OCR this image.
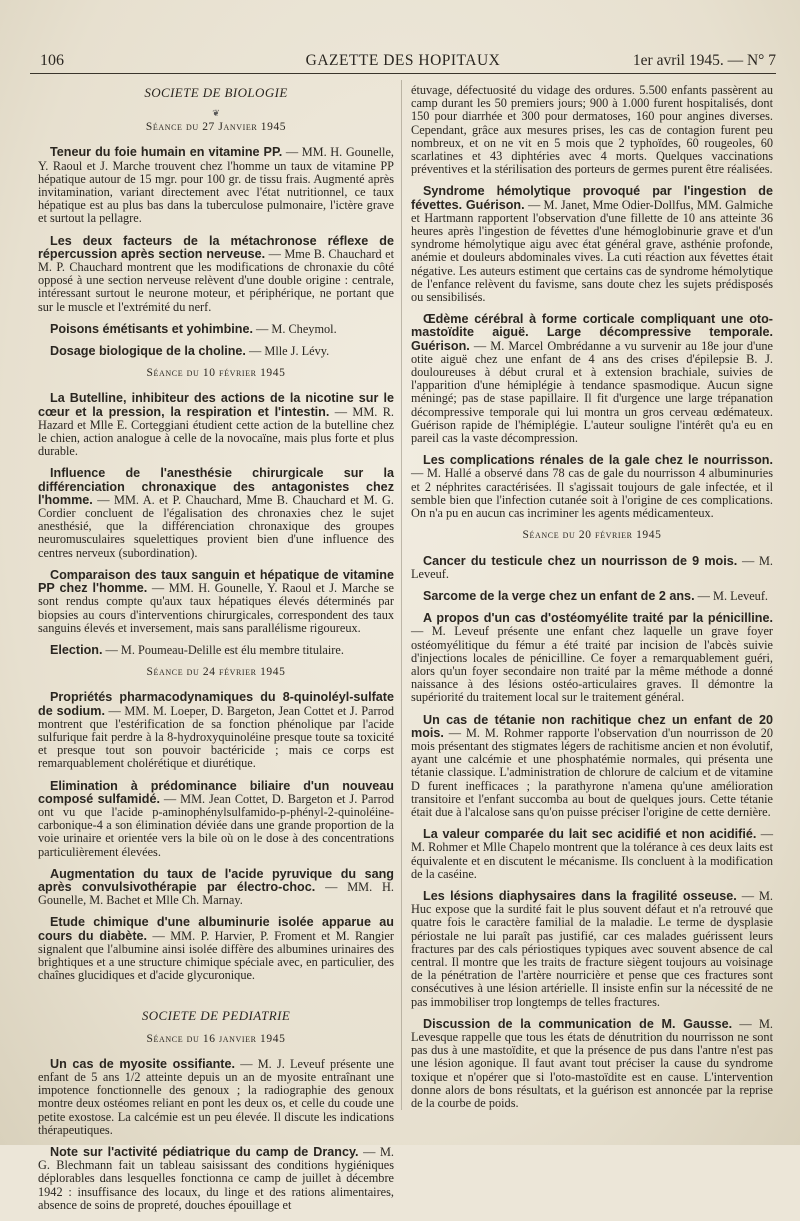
106	GAZETTE DES HOPITAUX	1er avril 1945. — N° 7
SOCIETE DE BIOLOGIE
❦
Séance du 27 Janvier 1945

Teneur du foie humain en vitamine PP. — MM. H. Gounelle, Y. Raoul et J. Marche trouvent chez l'homme un taux de vitamine PP hépatique autour de 15 mgr. pour 100 gr. de tissu frais. Augmenté après invitamination, variant directement avec l'état nutritionnel, ce taux hépatique est au plus bas dans la tuberculose pulmonaire, l'ictère grave et surtout la pellagre.

Les deux facteurs de la métachronose réflexe de répercussion après section nerveuse. — Mme B. Chauchard et M. P. Chauchard montrent que les modifications de chronaxie du côté opposé à une section nerveuse relèvent d'une double origine : centrale, intéressant surtout le neurone moteur, et périphérique, ne portant que sur le muscle et l'extrémité du nerf.

Poisons émétisants et yohimbine. — M. Cheymol.

Dosage biologique de la choline. — Mlle J. Lévy.

Séance du 10 février 1945

La Butelline, inhibiteur des actions de la nicotine sur le cœur et la pression, la respiration et l'intestin. — MM. R. Hazard et Mlle E. Corteggiani étudient cette action de la butelline chez le chien, action analogue à celle de la novocaïne, mais plus forte et plus durable.

Influence de l'anesthésie chirurgicale sur la différenciation chronaxique des antagonistes chez l'homme. — MM. A. et P. Chauchard, Mme B. Chauchard et M. G. Cordier concluent de l'égalisation des chronaxies chez le sujet anesthésié, que la différenciation chronaxique des groupes neuromusculaires squelettiques provient bien d'une influence des centres nerveux (subordination).

Comparaison des taux sanguin et hépatique de vitamine PP chez l'homme. — MM. H. Gounelle, Y. Raoul et J. Marche se sont rendus compte qu'aux taux hépatiques élevés déterminés par biopsies au cours d'interventions chirurgicales, correspondent des taux sanguins élevés et inversement, mais sans parallélisme rigoureux.

Election. — M. Poumeau-Delille est élu membre titulaire.

Séance du 24 février 1945

Propriétés pharmacodynamiques du 8-quinoléyl-sulfate de sodium. — MM. M. Loeper, D. Bargeton, Jean Cottet et J. Parrod montrent que l'estérification de sa fonction phénolique par l'acide sulfurique fait perdre à la 8-hydroxyquinoléine presque toute sa toxicité et presque tout son pouvoir bactéricide ; mais ce corps est remarquablement cholérétique et diurétique.

Elimination à prédominance biliaire d'un nouveau composé sulfamidé. — MM. Jean Cottet, D. Bargeton et J. Parrod ont vu que l'acide p-aminophénylsulfamido-p-phényl-2-quinoléine-carbonique-4 a son élimination déviée dans une grande proportion de la voie urinaire et orientée vers la bile où on le dose à des concentrations particulièrement élevées.

Augmentation du taux de l'acide pyruvique du sang après convulsivothérapie par électro-choc. — MM. H. Gounelle, M. Bachet et Mlle Ch. Marnay.

Etude chimique d'une albuminurie isolée apparue au cours du diabète. — MM. P. Harvier, P. Froment et M. Rangier signalent que l'albumine ainsi isolée diffère des albumines urinaires des brightiques et a une structure chimique spéciale avec, en particulier, des chaînes glucidiques et d'acide glycuronique.

SOCIETE DE PEDIATRIE
Séance du 16 janvier 1945

Un cas de myosite ossifiante. — M. J. Leveuf présente une enfant de 5 ans 1/2 atteinte depuis un an de myosite entraînant une impotence fonctionnelle des genoux ; la radiographie des genoux montre deux ostéomes reliant en pont les deux os, et celle du coude une petite exostose. La calcémie est un peu élevée. Il discute les indications thérapeutiques.

Note sur l'activité pédiatrique du camp de Drancy. — M. G. Blechmann fait un tableau saisissant des conditions hygiéniques déplorables dans lesquelles fonctionna ce camp de juillet à décembre 1942 : insuffisance des locaux, du linge et des rations alimentaires, absence de soins de propreté, douches épouillage et

étuvage, défectuosité du vidage des ordures. 5.500 enfants passèrent au camp durant les 50 premiers jours; 900 à 1.000 furent hospitalisés, dont 150 pour diarrhée et 300 pour dermatoses, 160 pour angines diverses. Cependant, grâce aux mesures prises, les cas de contagion furent peu nombreux, et on ne vit en 5 mois que 2 typhoïdes, 60 rougeoles, 60 scarlatines et 43 diphtéries avec 4 morts. Quelques vaccinations préventives et la stérilisation des porteurs de germes purent être réalisées.

Syndrome hémolytique provoqué par l'ingestion de févettes. Guérison. — M. Janet, Mme Odier-Dollfus, MM. Galmiche et Hartmann rapportent l'observation d'une fillette de 10 ans atteinte 36 heures après l'ingestion de févettes d'une hémoglobinurie grave et d'un syndrome hémolytique aigu avec état général grave, asthénie profonde, anémie et douleurs abdominales vives. La cuti réaction aux févettes était négative. Les auteurs estiment que certains cas de syndrome hémolytique de l'enfance relèvent du favisme, sans doute chez les sujets prédisposés ou sensibilisés.

Œdème cérébral à forme corticale compliquant une oto-mastoïdite aiguë. Large décompressive temporale. Guérison. — M. Marcel Ombrédanne a vu survenir au 18e jour d'une otite aiguë chez une enfant de 4 ans des crises d'épilepsie B. J. douloureuses à début crural et à extension brachiale, suivies de l'apparition d'une hémiplégie à tendance spasmodique. Aucun signe méningé; pas de stase papillaire. Il fit d'urgence une large trépanation décompressive temporale qui lui montra un gros cerveau œdémateux. Guérison rapide de l'hémiplégie. L'auteur souligne l'intérêt qu'a eu en pareil cas la vaste décompression.

Les complications rénales de la gale chez le nourrisson. — M. Hallé a observé dans 78 cas de gale du nourrisson 4 albuminuries et 2 néphrites caractérisées. Il s'agissait toujours de gale infectée, et il semble bien que l'infection cutanée soit à l'origine de ces complications. On n'a pu en aucun cas incriminer les agents médicamenteux.

Séance du 20 février 1945

Cancer du testicule chez un nourrisson de 9 mois. — M. Leveuf.

Sarcome de la verge chez un enfant de 2 ans. — M. Leveuf.

A propos d'un cas d'ostéomyélite traité par la pénicilline. — M. Leveuf présente une enfant chez laquelle un grave foyer ostéomyélitique du fémur a été traité par incision de l'abcès suivie d'injections locales de pénicilline. Ce foyer a remarquablement guéri, alors qu'un foyer secondaire non traité par la même méthode a donné naissance à des lésions ostéo-articulaires graves. Il démontre la supériorité du traitement local sur le traitement général.

Un cas de tétanie non rachitique chez un enfant de 20 mois. — M. M. Rohmer rapporte l'observation d'un nourrisson de 20 mois présentant des stigmates légers de rachitisme ancien et non évolutif, ayant une calcémie et une phosphatémie normales, qui présenta une tétanie classique. L'administration de chlorure de calcium et de vitamine D furent inefficaces ; la parathyrone n'amena qu'une amélioration transitoire et l'enfant succomba au bout de quelques jours. Cette tétanie était due à l'alcalose sans qu'on puisse préciser l'origine de cette dernière.

La valeur comparée du lait sec acidifié et non acidifié. — M. Rohmer et Mlle Chapelo montrent que la tolérance à ces deux laits est équivalente et en discutent le mécanisme. Ils concluent à la modification de la caséine.

Les lésions diaphysaires dans la fragilité osseuse. — M. Huc expose que la surdité fait le plus souvent défaut et n'a retrouvé que quatre fois le caractère familial de la maladie. Le terme de dysplasie périostale ne lui paraît pas justifié, car ces malades guérissent leurs fractures par des cals périostiques typiques avec souvent absence de cal central. Il montre que les traits de fracture siègent toujours au voisinage de la pénétration de l'artère nourricière et pense que ces fractures sont consécutives à une lésion artérielle. Il insiste enfin sur la nécessité de ne pas immobiliser trop longtemps de telles fractures.

Discussion de la communication de M. Gausse. — M. Levesque rappelle que tous les états de dénutrition du nourrisson ne sont pas dus à une mastoïdite, et que la présence de pus dans l'antre n'est pas une lésion agonique. Il faut avant tout préciser la cause du syndrome toxique et n'opérer que si l'oto-mastoïdite est en cause. L'intervention donne alors de bons résultats, et la guérison est annoncée par la reprise de la courbe de poids.
